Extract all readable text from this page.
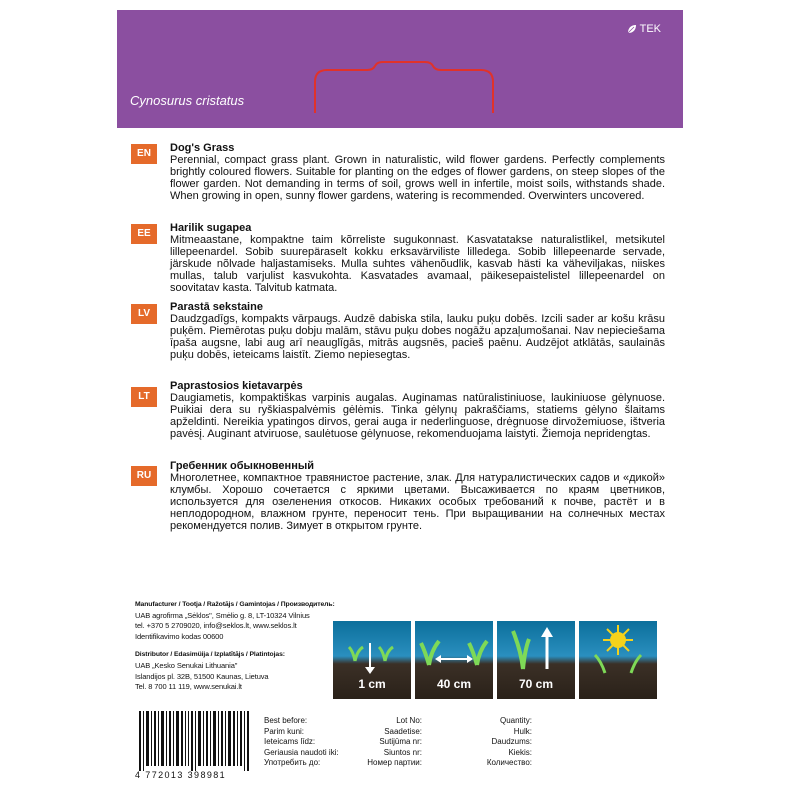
TEK
Cynosurus cristatus
EN	Dog's Grass
Perennial, compact grass plant. Grown in naturalistic, wild flower gardens. Perfectly complements brightly coloured flowers. Suitable for planting on the edges of flower gardens, on steep slopes of the flower garden. Not demanding in terms of soil, grows well in infertile, moist soils, withstands shade. When growing in open, sunny flower gardens, watering is recommended. Overwinters uncovered.
EE	Harilik sugapea
Mitmeaastane, kompaktne taim kõrreliste sugukonnast. Kasvatatakse naturalistlikel, metsikutel lillepeenardel. Sobib suurepäraselt kokku erksavärviliste lilledega. Sobib lillepeenarde servade, järskude nõlvade haljastamiseks. Mulla suhtes vähenõudlik, kasvab hästi ka väheviljakas, niiskes mullas, talub varjulist kasvukohta. Kasvatades avamaal, päikesepaistelistel lillepeenardel on soovitatav kasta. Talvitub katmata.
LV
Parastā sekstaine
Daudzgadīgs, kompakts vārpaugs. Audzē dabiska stila, lauku puķu dobēs. Izcili sader ar košu krāsu puķēm. Piemērotas puķu dobju malām, stāvu puķu dobes nogāžu apzaļumošanai. Nav nepieciešama īpaša augsne, labi aug arī neauglīgās, mitrās augsnēs, pacieš paēnu. Audzējot atklātās, saulainās puķu dobēs, ieteicams laistīt. Ziemo nepiesegtas.
LT
Paprastosios kietavarpės
Daugiametis, kompaktiškas varpinis augalas. Auginamas natūralistiniuose, laukiniuose gėlynuose. Puikiai dera su ryškiaspalvėmis gėlėmis. Tinka gėlynų pakraščiams, statiems gėlyno šlaitams apželdinti. Nereikia ypatingos dirvos, gerai auga ir nederlinguose, drėgnuose dirvožemiuose, ištveria pavėsį. Auginant atviruose, saulėtuose gėlynuose, rekomenduojama laistyti. Žiemoja nepridengtas.
RU
Гребенник обыкновенный
Многолетнее, компактное травянистое растение, злак. Для натуралистических садов и «дикой» клумбы. Хорошо сочетается с яркими цветами. Высаживается по краям цветников, используется для озеленения откосов. Никаких особых требований к почве, растёт и в неплодородном, влажном грунте, переносит тень. При выращивании на солнечных местах рекомендуется полив. Зимует в открытом грунте.
Manufacturer / Tootja / Ražotājs / Gamintojas / Производитель:
UAB agrofirma „Sėklos", Smėlio g. 8, LT-10324 Vilnius
tel. +370 5 2709020, info@seklos.lt, www.seklos.lt
Identifikavimo kodas 00600
Distributor / Edasimüija / Izplatītājs / Platintojas:
UAB „Kesko Senukai Lithuania"
Islandijos pl. 32B, 51500 Kaunas, Lietuva
Tel. 8 700 11 119, www.senukai.lt	1 cm	40 cm	70 cm
4 772013 398981
Best before:
Parim kuni:
Ieteicams līdz:
Geriausia naudoti iki:
Употребить до:
Lot No:
Saadetise:
Sutijūma nr:
Siuntos nr:
Номер партии:
Quantity:
Hulk:
Daudzums:
Kiekis:
Количество:
